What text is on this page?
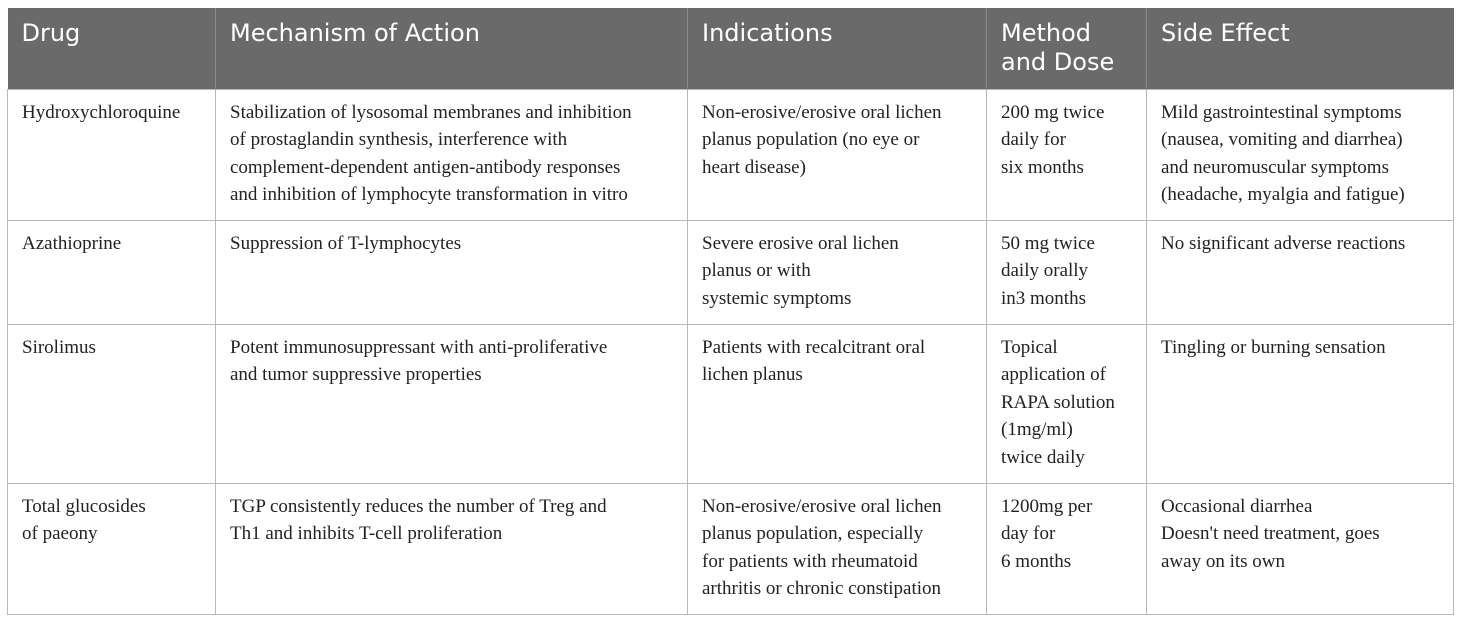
Drug	Mechanism of Action	Indications	Method
and Dose	Side Effect
Hydroxychloroquine	Stabilization of lysosomal membranes and inhibition
of prostaglandin synthesis, interference with
complement-dependent antigen-antibody responses
and inhibition of lymphocyte transformation in vitro	Non-erosive/erosive oral lichen
planus population (no eye or
heart disease)	200 mg twice
daily for
six months	Mild gastrointestinal symptoms
(nausea, vomiting and diarrhea)
and neuromuscular symptoms
(headache, myalgia and fatigue)
Azathioprine	Suppression of T-lymphocytes	Severe erosive oral lichen
planus or with
systemic symptoms	50 mg twice
daily orally
in3 months	No significant adverse reactions
Sirolimus	Potent immunosuppressant with anti-proliferative
and tumor suppressive properties	Patients with recalcitrant oral
lichen planus	Topical
application of
RAPA solution
(1mg/ml)
twice daily	Tingling or burning sensation
Total glucosides
of paeony	TGP consistently reduces the number of Treg and
Th1 and inhibits T-cell proliferation	Non-erosive/erosive oral lichen
planus population, especially
for patients with rheumatoid
arthritis or chronic constipation	1200mg per
day for
6 months	Occasional diarrhea
Doesn't need treatment, goes
away on its own
